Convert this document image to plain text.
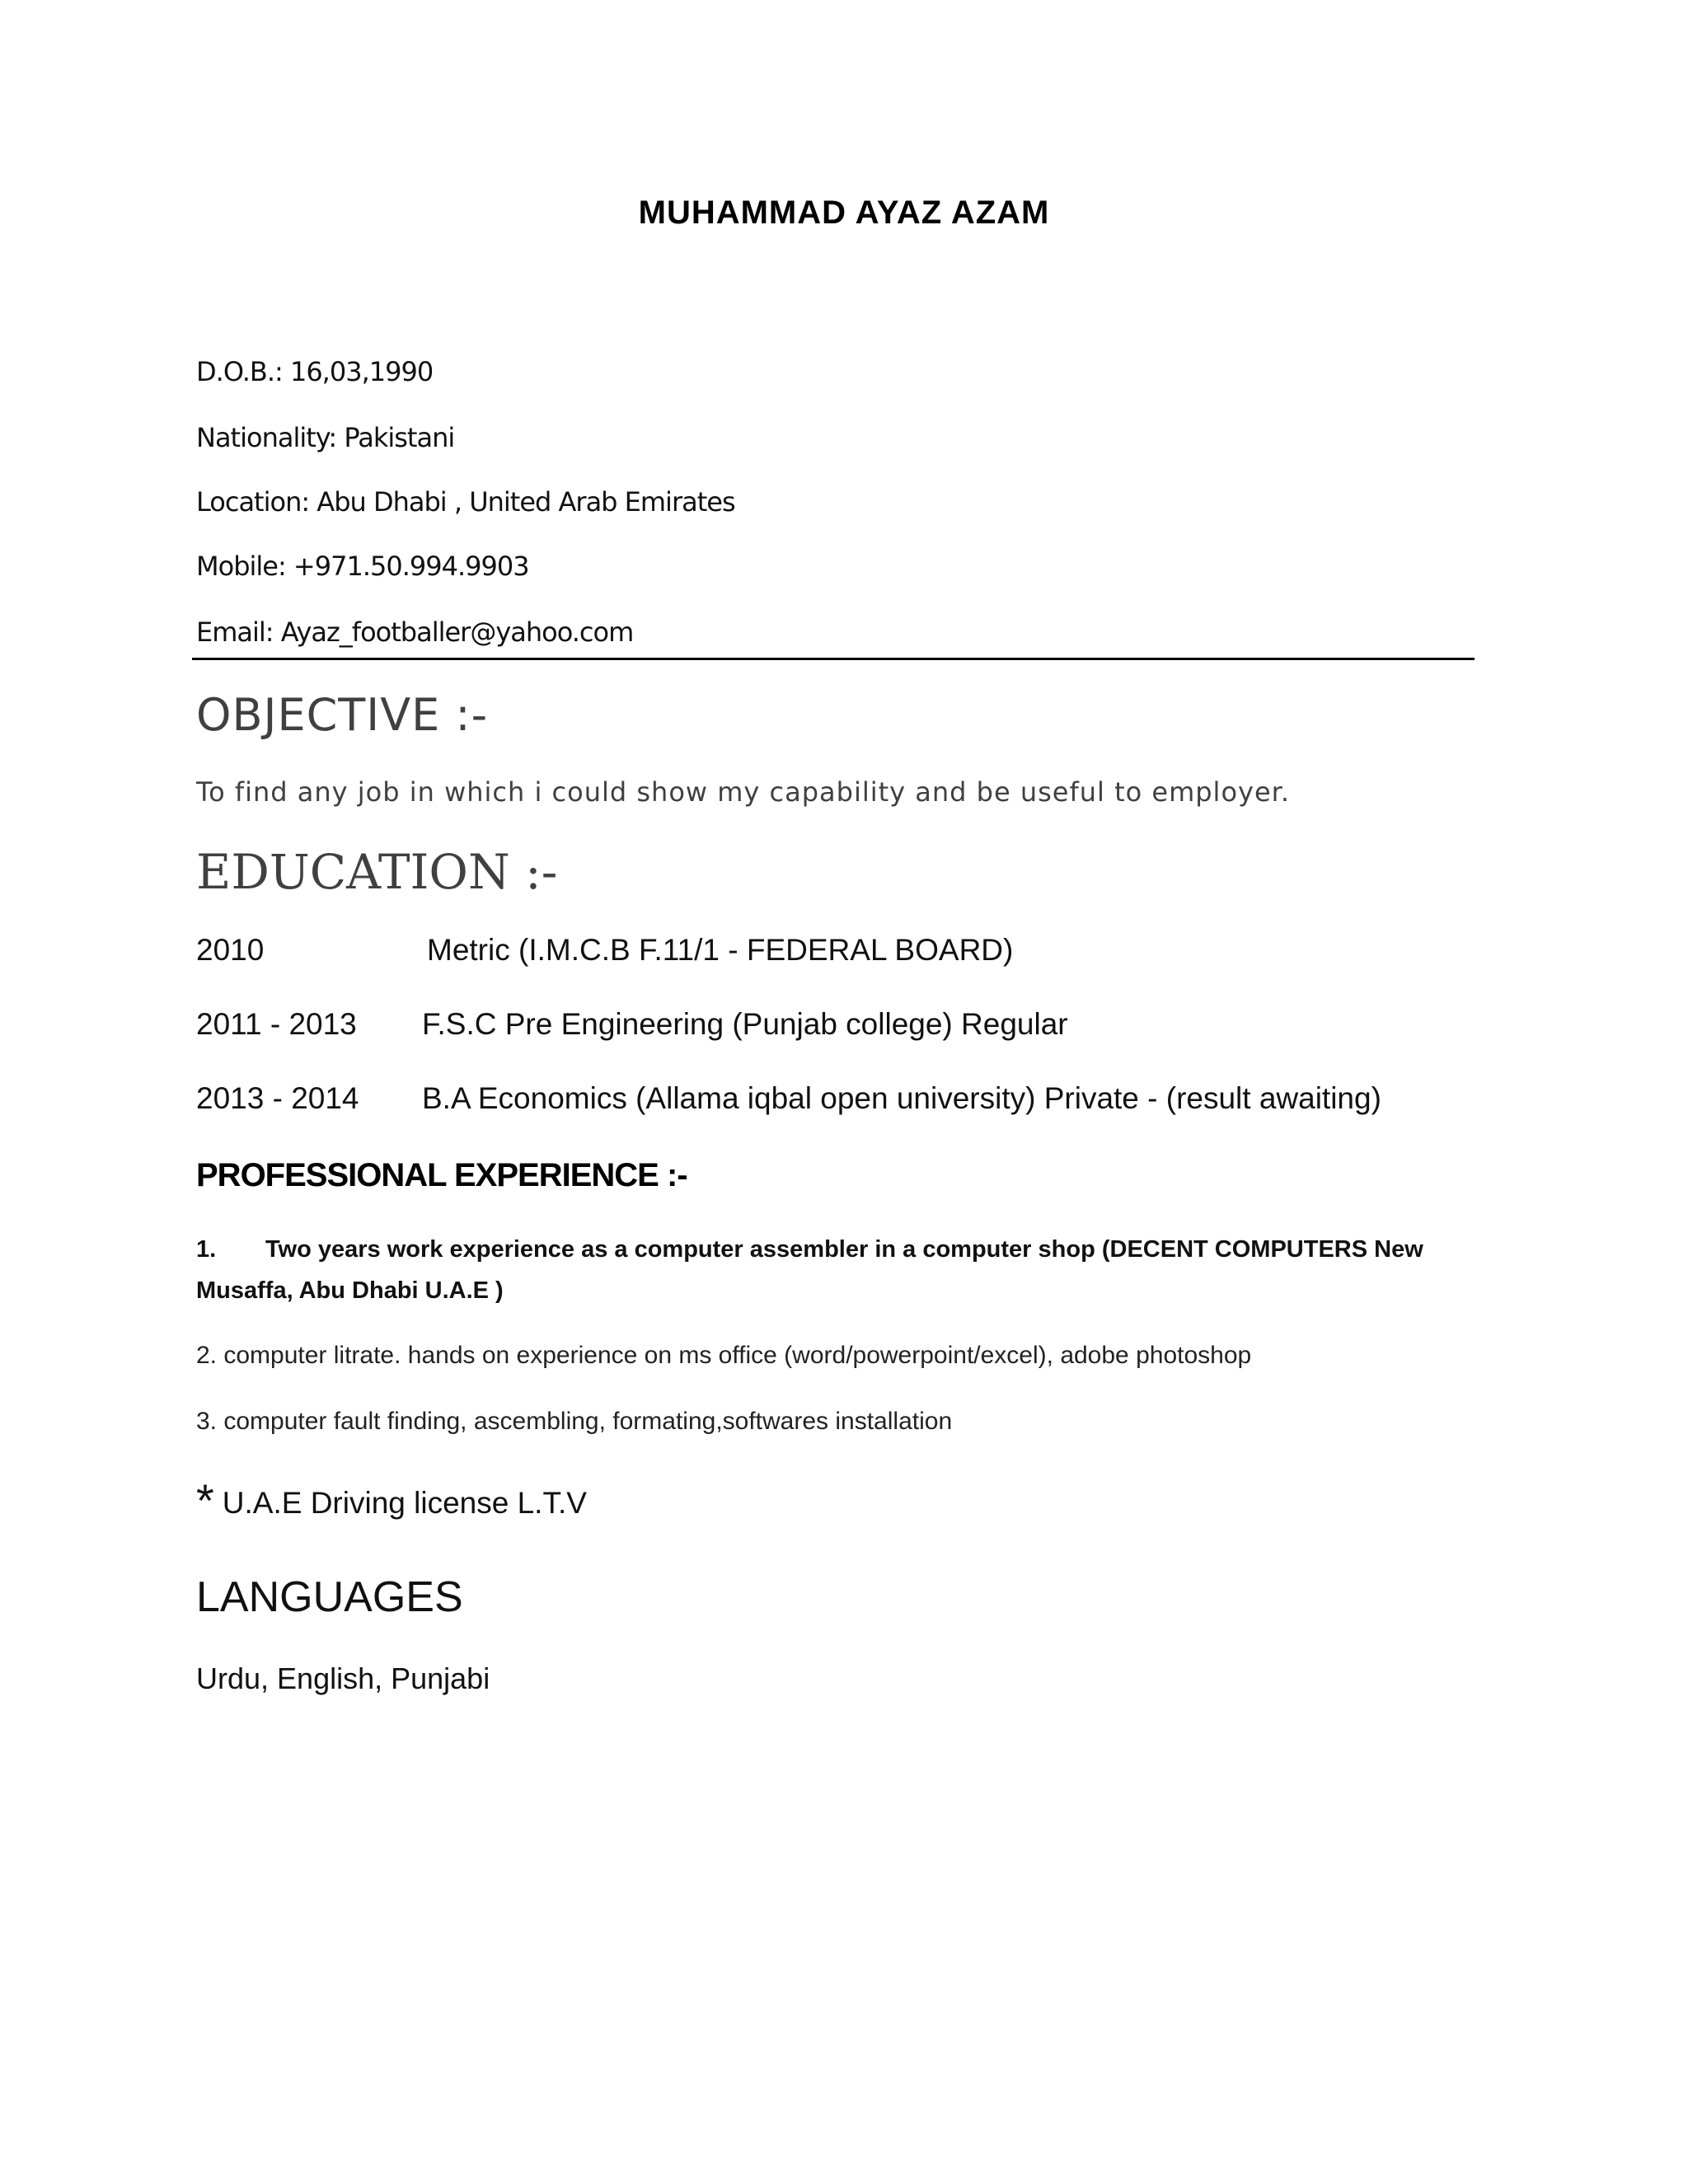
MUHAMMAD AYAZ AZAM
D.O.B.: 16,03,1990
Nationality: Pakistani
Location: Abu Dhabi , United Arab Emirates
Mobile: +971.50.994.9903
Email: Ayaz_footballer@yahoo.com
OBJECTIVE :-
To find any job in which i could show my capability and be useful to employer.
EDUCATION :-
2010	Metric (I.M.C.B F.11/1 - FEDERAL BOARD)
2011 - 2013 F.S.C Pre Engineering (Punjab college) Regular
2013 - 2014 B.A Economics (Allama iqbal open university) Private - (result awaiting)
PROFESSIONAL EXPERIENCE :-
1. Two years work experience as a computer assembler in a computer shop (DECENT COMPUTERS New
Musaffa, Abu Dhabi U.A.E )
2. computer litrate. hands on experience on ms office (word/powerpoint/excel), adobe photoshop
3. computer fault finding, ascembling, formating,softwares installation
* U.A.E Driving license L.T.V
LANGUAGES
Urdu, English, Punjabi
